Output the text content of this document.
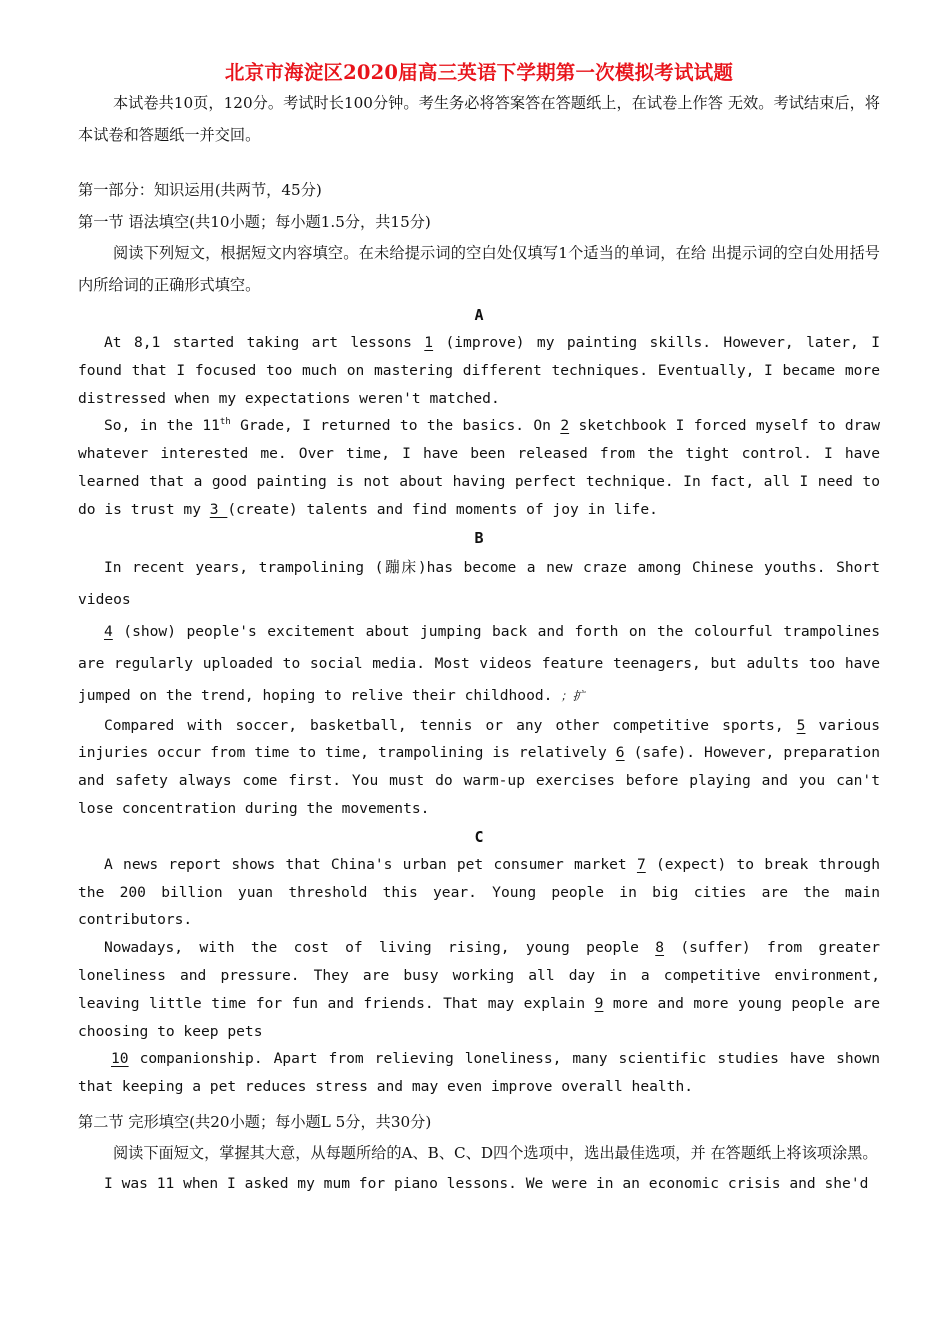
北京市海淀区2020届高三英语下学期第一次模拟考试试题

本试卷共10页，120分。考试时长100分钟。考生务必将答案答在答题纸上，在试卷上作答 无效。考试结束后，将本试卷和答题纸一并交回。

第一部分：知识运用(共两节，45分)

第一节 语法填空(共10小题；每小题1.5分，共15分)

阅读下列短文，根据短文内容填空。在未给提示词的空白处仅填写1个适当的单词，在给 出提示词的空白处用括号内所给词的正确形式填空。

A

At 8,1 started taking art lessons 1 (improve) my painting skills. However, later, I found that I focused too much on mastering different techniques. Eventually, I became more distressed when my expectations weren't matched.

So, in the 11th Grade, I returned to the basics. On 2 sketchbook I forced myself to draw whatever interested me. Over time, I have been released from the tight control. I have learned that a good painting is not about having perfect technique. In fact, all I need to do is trust my 3 (create) talents and find moments of joy in life.

B

In recent years, trampolining (蹦床)has become a new craze among Chinese youths. Short videos

4 (show) people's excitement about jumping back and forth on the colourful trampolines are regularly uploaded to social media. Most videos feature teenagers, but adults too have jumped on the trend, hoping to relive their childhood. ；扩

Compared with soccer, basketball, tennis or any other competitive sports, 5 various injuries occur from time to time, trampolining is relatively 6 (safe). However, preparation and safety always come first. You must do warm-up exercises before playing and you can't lose concentration during the movements.

C

A news report shows that China's urban pet consumer market 7 (expect) to break through the 200 billion yuan threshold this year. Young people in big cities are the main contributors.

Nowadays, with the cost of living rising, young people 8 (suffer) from greater loneliness and pressure. They are busy working all day in a competitive environment, leaving little time for fun and friends. That may explain 9 more and more young people are choosing to keep pets
10 companionship. Apart from relieving loneliness, many scientific studies have shown that keeping a pet reduces stress and may even improve overall health.

第二节 完形填空(共20小题；每小题L 5分，共30分)

阅读下面短文，掌握其大意，从每题所给的A、B、C、D四个选项中，选出最佳选项，并 在答题纸上将该项涂黑。

I was 11 when I asked my mum for piano lessons. We were in an economic crisis and she'd
